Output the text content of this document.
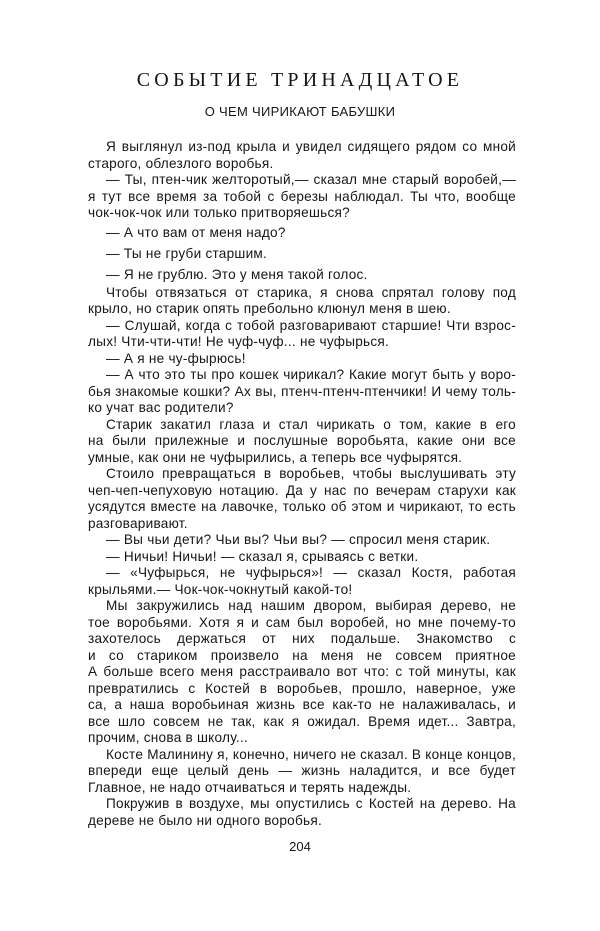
СОБЫТИЕ ТРИНАДЦАТОЕ
О ЧЕМ ЧИРИКАЮТ БАБУШКИ
Я выглянул из-под крыла и увидел сидящего рядом со мной
старого, облезлого воробья.
— Ты, птен-чик желторотый,— сказал мне старый воробей,—
я тут все время за тобой с березы наблюдал. Ты что, вообще
чок-чок-чок или только притворяешься?
— А что вам от меня надо?
— Ты не груби старшим.
— Я не грублю. Это у меня такой голос.
Чтобы отвязаться от старика, я снова спрятал голову под
крыло, но старик опять пребольно клюнул меня в шею.
— Слушай, когда с тобой разговаривают старшие! Чти взрос-
лых! Чти-чти-чти! Не чуф-чуф... не чуфырься.
— А я не чу-фырюсь!
— А что это ты про кошек чирикал? Какие могут быть у воро-
бья знакомые кошки? Ах вы, птенч-птенч-птенчики! И чему толь-
ко учат вас родители?
Старик закатил глаза и стал чирикать о том, какие в его
на были прилежные и послушные воробьята, какие они все
умные, как они не чуфырились, а теперь все чуфырятся.
Стоило превращаться в воробьев, чтобы выслушивать эту
чеп-чеп-чепуховую нотацию. Да у нас по вечерам старухи как
усядутся вместе на лавочке, только об этом и чирикают, то есть
разговаривают.
— Вы чьи дети? Чьи вы? Чьи вы? — спросил меня старик.
— Ничьи! Ничьи! — сказал я, срываясь с ветки.
— «Чуфырься, не чуфырься»! — сказал Костя, работая
крыльями.— Чок-чок-чокнутый какой-то!
Мы закружились над нашим двором, выбирая дерево, не
тое воробьями. Хотя я и сам был воробей, но мне почему-то
захотелось держаться от них подальше. Знакомство с
и со стариком произвело на меня не совсем приятное
А больше всего меня расстраивало вот что: с той минуты, как
превратились с Костей в воробьев, прошло, наверное, уже
са, а наша воробьиная жизнь все как-то не налаживалась, и
все шло совсем не так, как я ожидал. Время идет... Завтра,
прочим, снова в школу...
Косте Малинину я, конечно, ничего не сказал. В конце концов,
впереди еще целый день — жизнь наладится, и все будет
Главное, не надо отчаиваться и терять надежды.
Покружив в воздухе, мы опустились с Костей на дерево. На
дереве не было ни одного воробья.
204
